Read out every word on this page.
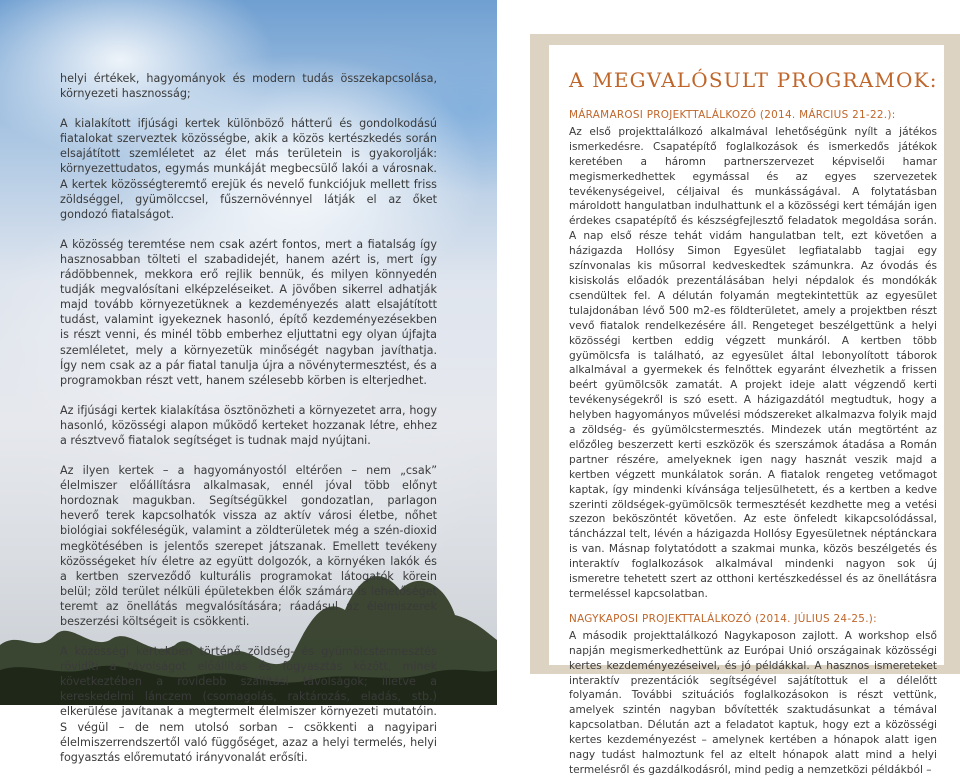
helyi értékek, hagyományok és modern tudás összekapcsolása, környezeti hasznosság;

A kialakított ifjúsági kertek különböző hátterű és gondolkodású fiatalokat szerveztek közösségbe, akik a közös kertészkedés során elsajátított szemléletet az élet más területein is gyakorolják: környezettudatos, egymás munkáját megbecsülő lakói a városnak. A kertek közösségteremtő erejük és nevelő funkciójuk mellett friss zöldséggel, gyümölccsel, fűszernövénnyel látják el az őket gondozó fiatalságot.

A közösség teremtése nem csak azért fontos, mert a fiatalság így hasznosabban tölteti el szabadidejét, hanem azért is, mert így rádöbbennek, mekkora erő rejlik bennük, és milyen könnyedén tudják megvalósítani elképzeléseiket. A jövőben sikerrel adhatják majd tovább környezetüknek a kezdeményezés alatt elsajátított tudást, valamint igyekeznek hasonló, építő kezdeményezésekben is részt venni, és minél több emberhez eljuttatni egy olyan újfajta szemléletet, mely a környezetük minőségét nagyban javíthatja. Így nem csak az a pár fiatal tanulja újra a növénytermesztést, és a programokban részt vett, hanem szélesebb körben is elterjedhet.

Az ifjúsági kertek kialakítása ösztönözheti a környezetet arra, hogy hasonló, közösségi alapon működő kerteket hozzanak létre, ehhez a résztvevő fiatalok segítséget is tudnak majd nyújtani.

Az ilyen kertek – a hagyományostól eltérően – nem „csak” élelmiszer előállításra alkalmasak, ennél jóval több előnyt hordoznak magukban. Segítségükkel gondozatlan, parlagon heverő terek kapcsolhatók vissza az aktív városi életbe, nőhet biológiai sokféleségük, valamint a zöldterületek még a szén-dioxid megkötésében is jelentős szerepet játszanak. Emellett tevékeny közösségeket hív életre az együtt dolgozók, a környéken lakók és a kertben szerveződő kulturális programokat látogatók körein belül; zöld terület nélküli épületekben élők számára is lehetőséget teremt az önellátás megvalósítására; ráadásul az élelmiszerek beszerzési költségeit is csökkenti.

A közösségi kertekben történő zöldség- és gyümölcstermesztés rövidíti a távolságot előállítás és fogyasztás között, minek következtében a rövidebb szállítási távolságok; illetve a kereskedelmi lánczem (csomagolás, raktározás, eladás, stb.) elkerülése javítanak a megtermelt élelmiszer környezeti mutatóin. S végül – de nem utolsó sorban – csökkenti a nagyipari élelmiszerrendszertől való függőséget, azaz a helyi termelés, helyi fogyasztás előremutató irányvonalát erősíti.

A MEGVALÓSULT PROGRAMOK:
MÁRAMAROSI PROJEKTTALÁLKOZÓ (2014. MÁRCIUS 21-22.):

Az első projekttalálkozó alkalmával lehetőségünk nyílt a játékos ismerkedésre. Csapatépítő foglalkozások és ismerkedős játékok keretében a háromn partnerszervezet képviselői hamar megismerkedhettek egymással és az egyes szervezetek tevékenységeivel, céljaival és munkásságával. A folytatásban mároldott hangulatban indulhattunk el a közösségi kert témáján igen érdekes csapatépítő és készségfejlesztő feladatok megoldása során. A nap első része tehát vidám hangulatban telt, ezt követően a házigazda Hollósy Simon Egyesület legfiatalabb tagjai egy színvonalas kis műsorral kedveskedtek számunkra. Az óvodás és kisiskolás előadók prezentálásában helyi népdalok és mondókák csendültek fel. A délután folyamán megtekintettük az egyesület tulajdonában lévő 500 m2-es földterületet, amely a projektben részt vevő fiatalok rendelkezésére áll. Rengeteget beszélgettünk a helyi közösségi kertben eddig végzett munkáról. A kertben több gyümölcsfa is található, az egyesület által lebonyolított táborok alkalmával a gyermekek és felnőttek egyaránt élvezhetik a frissen beért gyümölcsök zamatát. A projekt ideje alatt végzendő kerti tevékenységekről is szó esett. A házigazdától megtudtuk, hogy a helyben hagyományos művelési módszereket alkalmazva folyik majd a zöldség- és gyümölcstermesztés. Mindezek után megtörtént az előzőleg beszerzett kerti eszközök és szerszámok átadása a Román partner részére, amelyeknek igen nagy hasznát veszik majd a kertben végzett munkálatok során. A fiatalok rengeteg vetőmagot kaptak, így mindenki kívánsága teljesülhetett, és a kertben a kedve szerinti zöldségek-gyümölcsök termesztését kezdhette meg a vetési szezon beköszöntét követően. Az este önfeledt kikapcsolódással, táncházzal telt, lévén a házigazda Hollósy Egyesületnek néptánckara is van. Másnap folytatódott a szakmai munka, közös beszélgetés és interaktív foglalkozások alkalmával mindenki nagyon sok új ismeretre tehetett szert az otthoni kertészkedéssel és az önellátásra termeléssel kapcsolatban.

NAGYKAPOSI PROJEKTTALÁLKOZÓ (2014. JÚLIUS 24-25.):

A második projekttalálkozó Nagykaposon zajlott. A workshop első napján megismerkedhettünk az Európai Unió országainak közösségi kertes kezdeményezéseivel, és jó példákkal. A hasznos ismereteket interaktív prezentációk segítségével sajátítottuk el a délelőtt folyamán. További szituációs foglalkozásokon is részt vettünk, amelyek szintén nagyban bővítették szaktudásunkat a témával kapcsolatban. Délután azt a feladatot kaptuk, hogy ezt a közösségi kertes kezdeményezést – amelynek kertében a hónapok alatt igen nagy tudást halmoztunk fel az eltelt hónapok alatt mind a helyi termelésről és gazdálkodásról, mind pedig a nemzetközi példákból –
